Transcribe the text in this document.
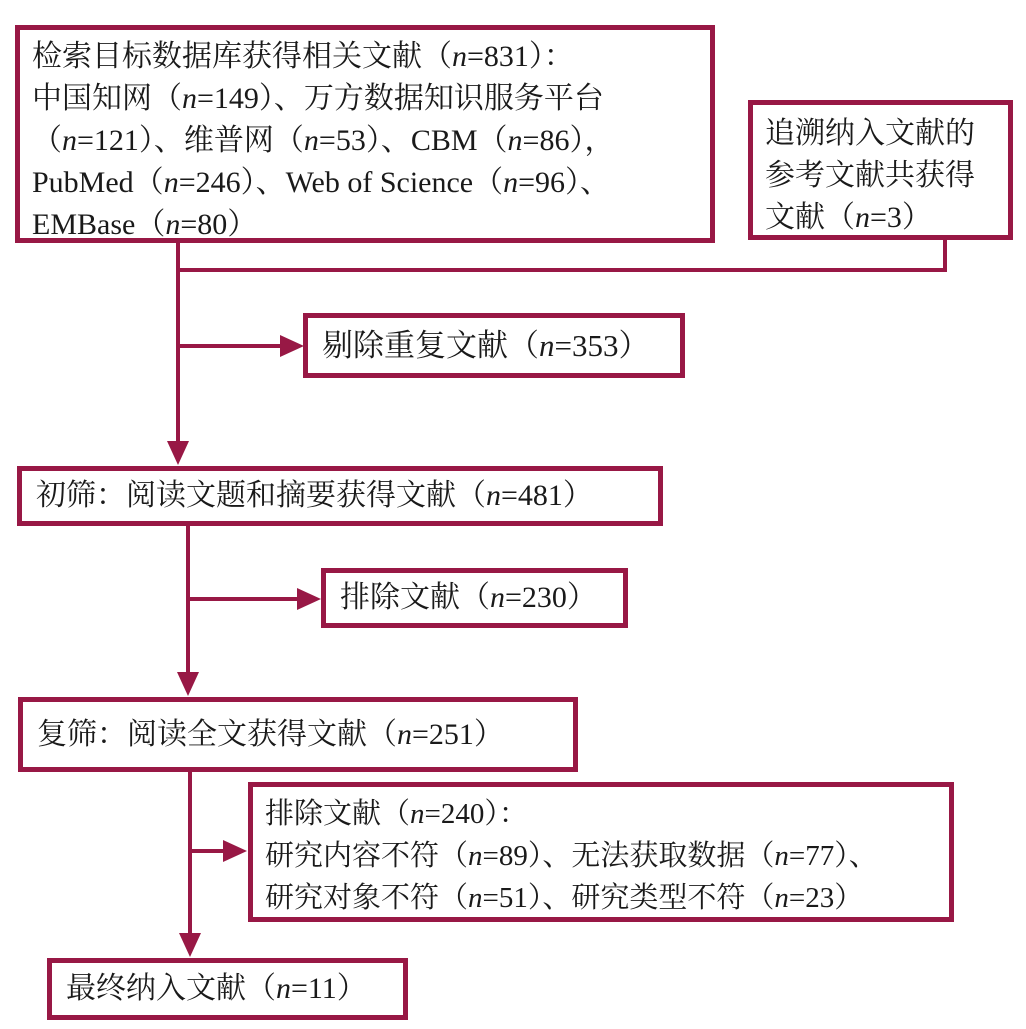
检索目标数据库获得相关文献（n=831）：
中国知网（n=149）、万方数据知识服务平台
（n=121）、维普网（n=53）、CBM（n=86），
PubMed（n=246）、Web of Science（n=96）、
EMBase（n=80）
追溯纳入文献的
参考文献共获得
文献（n=3）
剔除重复文献（ n =353）
初筛：阅读文题和摘要获得文献（ n =481）
排除文献（ n =230）
复筛：阅读全文获得文献（ n =251）
排除文献（n=240）：
研究内容不符（n=89）、无法获取数据（n=77）、
研究对象不符（n=51）、研究类型不符（n=23）
最终纳入文献（ n =11）
